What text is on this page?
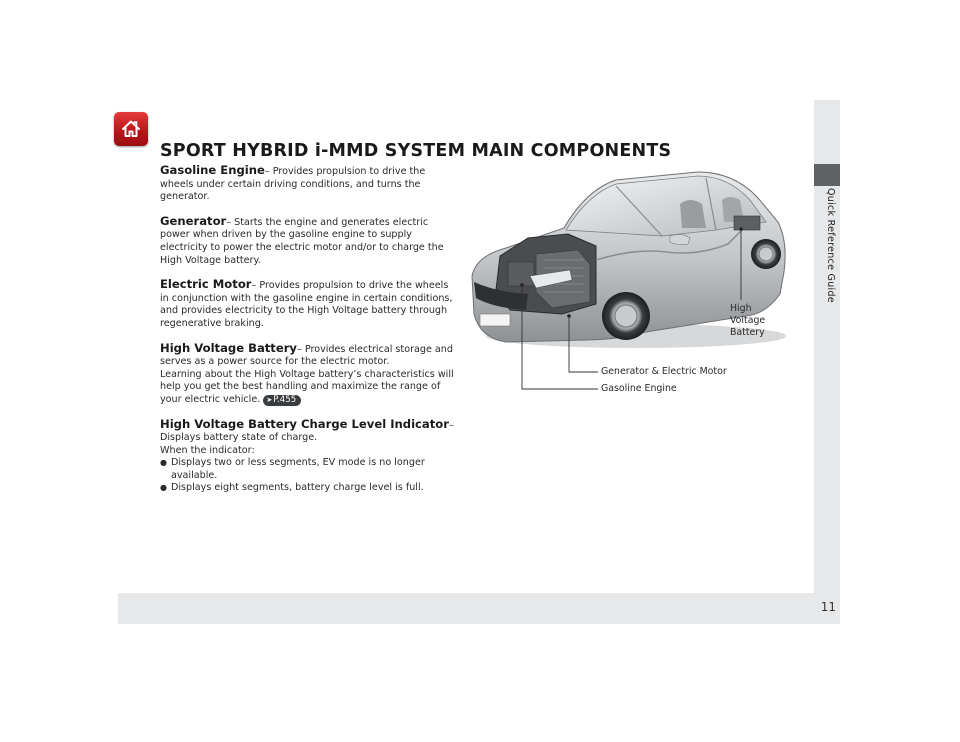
Quick Reference Guide
11
SPORT HYBRID i-MMD SYSTEM MAIN COMPONENTS
Gasoline Engine– Provides propulsion to drive the wheels under certain driving conditions, and turns the generator.
Generator– Starts the engine and generates electric power when driven by the gasoline engine to supply electricity to power the electric motor and/or to charge the High Voltage battery.
Electric Motor– Provides propulsion to drive the wheels in conjunction with the gasoline engine in certain conditions, and provides electricity to the High Voltage battery through regenerative braking.
High Voltage Battery– Provides electrical storage and serves as a power source for the electric motor.
Learning about the High Voltage battery’s characteristics will help you get the best handling and maximize the range of your electric vehicle. ➤P.455
High Voltage Battery Charge Level Indicator– Displays battery state of charge.
When the indicator:
● Displays two or less segments, EV mode is no longer available.
● Displays eight segments, battery charge level is full.
High
Voltage
Battery
Generator & Electric Motor
Gasoline Engine
